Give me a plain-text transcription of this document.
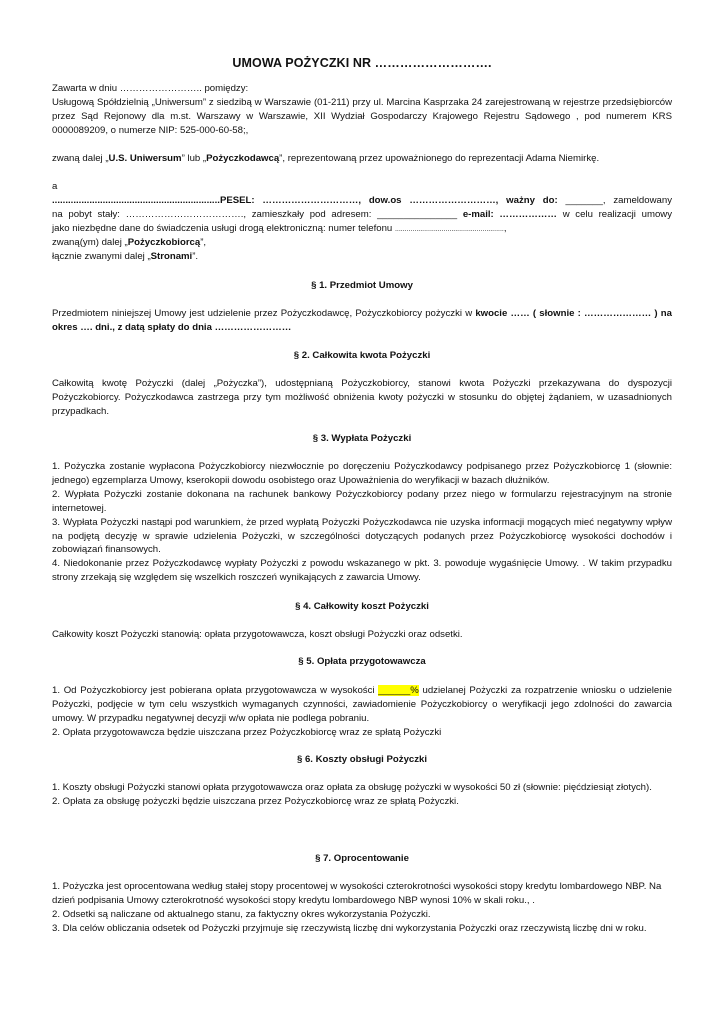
UMOWA POŻYCZKI NR ……………………….
Zawarta w dniu …………………….. pomiędzy:
Usługową Spółdzielnią „Uniwersum” z siedzibą w Warszawie (01-211) przy ul. Marcina Kasprzaka 24 zarejestrowaną w rejestrze przedsiębiorców przez Sąd Rejonowy dla m.st. Warszawy w Warszawie, XII Wydział Gospodarczy Krajowego Rejestru Sądowego , pod numerem KRS 0000089209, o numerze NIP: 525-000-60-58;,
zwaną dalej „U.S. Uniwersum” lub „Pożyczkodawcą”, reprezentowaną przez upoważnionego do reprezentacji Adama Niemirkę.
a
...............................................................PESEL: …………………………, dow.os ………………………, ważny do: _______, zameldowany
na pobyt stały: ………………………………., zamieszkały pod adresem: _______________ e-mail: ……………… w celu realizacji umowy
jako niezbędne dane do świadczenia usługi drogą elektroniczną: numer telefonu ........................................................,
zwaną(ym) dalej „Pożyczkobiorcą”,
łącznie zwanymi dalej „Stronami”.
§ 1. Przedmiot Umowy
Przedmiotem niniejszej Umowy jest udzielenie przez Pożyczkodawcę, Pożyczkobiorcy pożyczki w kwocie …… ( słownie : ………………… ) na okres …. dni., z datą spłaty do dnia ……………………
§ 2. Całkowita kwota Pożyczki
Całkowitą kwotę Pożyczki (dalej „Pożyczka”), udostępnianą Pożyczkobiorcy, stanowi kwota Pożyczki przekazywana do dyspozycji Pożyczkobiorcy. Pożyczkodawca zastrzega przy tym możliwość obniżenia kwoty pożyczki w stosunku do objętej żądaniem, w uzasadnionych przypadkach.
§ 3. Wypłata Pożyczki

1. Pożyczka zostanie wypłacona Pożyczkobiorcy niezwłocznie po doręczeniu Pożyczkodawcy podpisanego przez Pożyczkobiorcę 1 (słownie: jednego) egzemplarza Umowy, kserokopii dowodu osobistego oraz Upoważnienia do weryfikacji w bazach dłużników.

2. Wypłata Pożyczki zostanie dokonana na rachunek bankowy Pożyczkobiorcy podany przez niego w formularzu rejestracyjnym na stronie internetowej.

3. Wypłata Pożyczki nastąpi pod warunkiem, że przed wypłatą Pożyczki Pożyczkodawca nie uzyska informacji mogących mieć negatywny wpływ na podjętą decyzję w sprawie udzielenia Pożyczki, w szczególności dotyczących podanych przez Pożyczkobiorcę wysokości dochodów i zobowiązań finansowych.

4. Niedokonanie przez Pożyczkodawcę wypłaty Pożyczki z powodu wskazanego w pkt. 3. powoduje wygaśnięcie Umowy. . W takim przypadku strony zrzekają się względem się wszelkich roszczeń wynikających z zawarcia Umowy.

§ 4. Całkowity koszt Pożyczki
Całkowity koszt Pożyczki stanowią: opłata przygotowawcza, koszt obsługi Pożyczki oraz odsetki.
§ 5. Opłata przygotowawcza

1. Od Pożyczkobiorcy jest pobierana opłata przygotowawcza w wysokości ______% udzielanej Pożyczki za rozpatrzenie wniosku o udzielenie Pożyczki, podjęcie w tym celu wszystkich wymaganych czynności, zawiadomienie Pożyczkobiorcy o weryfikacji jego zdolności do zawarcia umowy. W przypadku negatywnej decyzji w/w opłata nie podlega pobraniu.

2. Opłata przygotowawcza będzie uiszczana przez Pożyczkobiorcę wraz ze spłatą Pożyczki

§ 6. Koszty obsługi Pożyczki

1. Koszty obsługi Pożyczki stanowi opłata przygotowawcza oraz opłata za obsługę pożyczki w wysokości 50 zł (słownie: pięćdziesiąt złotych).

2. Opłata za obsługę pożyczki będzie uiszczana przez Pożyczkobiorcę wraz ze spłatą Pożyczki.

§ 7. Oprocentowanie

1. Pożyczka jest oprocentowana według stałej stopy procentowej w wysokości czterokrotności wysokości stopy kredytu lombardowego NBP. Na dzień podpisania Umowy czterokrotność wysokości stopy kredytu lombardowego NBP wynosi 10% w skali roku., .

2. Odsetki są naliczane od aktualnego stanu, za faktyczny okres wykorzystania Pożyczki.

3. Dla celów obliczania odsetek od Pożyczki przyjmuje się rzeczywistą liczbę dni wykorzystania Pożyczki oraz rzeczywistą liczbę dni w roku.
